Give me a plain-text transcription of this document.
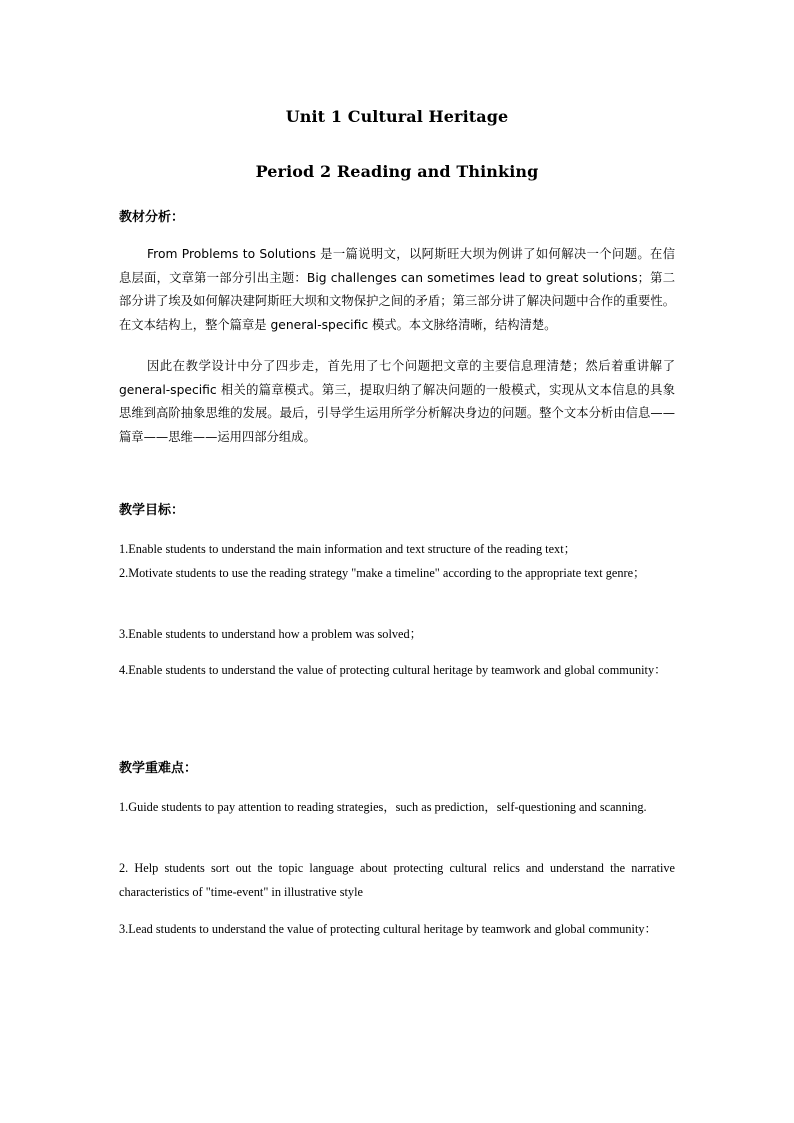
Unit 1 Cultural Heritage
Period 2 Reading and Thinking
教材分析：
From Problems to Solutions 是一篇说明文，以阿斯旺大坝为例讲了如何解决一个问题。在信息层面，文章第一部分引出主题：Big challenges can sometimes lead to great solutions；第二部分讲了埃及如何解决建阿斯旺大坝和文物保护之间的矛盾；第三部分讲了解决问题中合作的重要性。在文本结构上，整个篇章是 general-specific 模式。本文脉络清晰，结构清楚。
因此在教学设计中分了四步走，首先用了七个问题把文章的主要信息理清楚；然后着重讲解了 general-specific 相关的篇章模式。第三，提取归纳了解决问题的一般模式，实现从文本信息的具象思维到高阶抽象思维的发展。最后，引导学生运用所学分析解决身边的问题。整个文本分析由信息——篇章——思维——运用四部分组成。
教学目标：
1.Enable students to understand the main information and text structure of the reading text；
2.Motivate students to use the reading strategy "make a timeline" according to the appropriate text genre；
3.Enable students to understand how a problem was solved；
4.Enable students to understand the value of protecting cultural heritage by teamwork and global community：
教学重难点：
1.Guide students to pay attention to reading strategies，such as prediction，self-questioning and scanning.
2. Help students sort out the topic language about protecting cultural relics and understand the narrative characteristics of "time-event" in illustrative style
3.Lead students to understand the value of protecting cultural heritage by teamwork and global community：
